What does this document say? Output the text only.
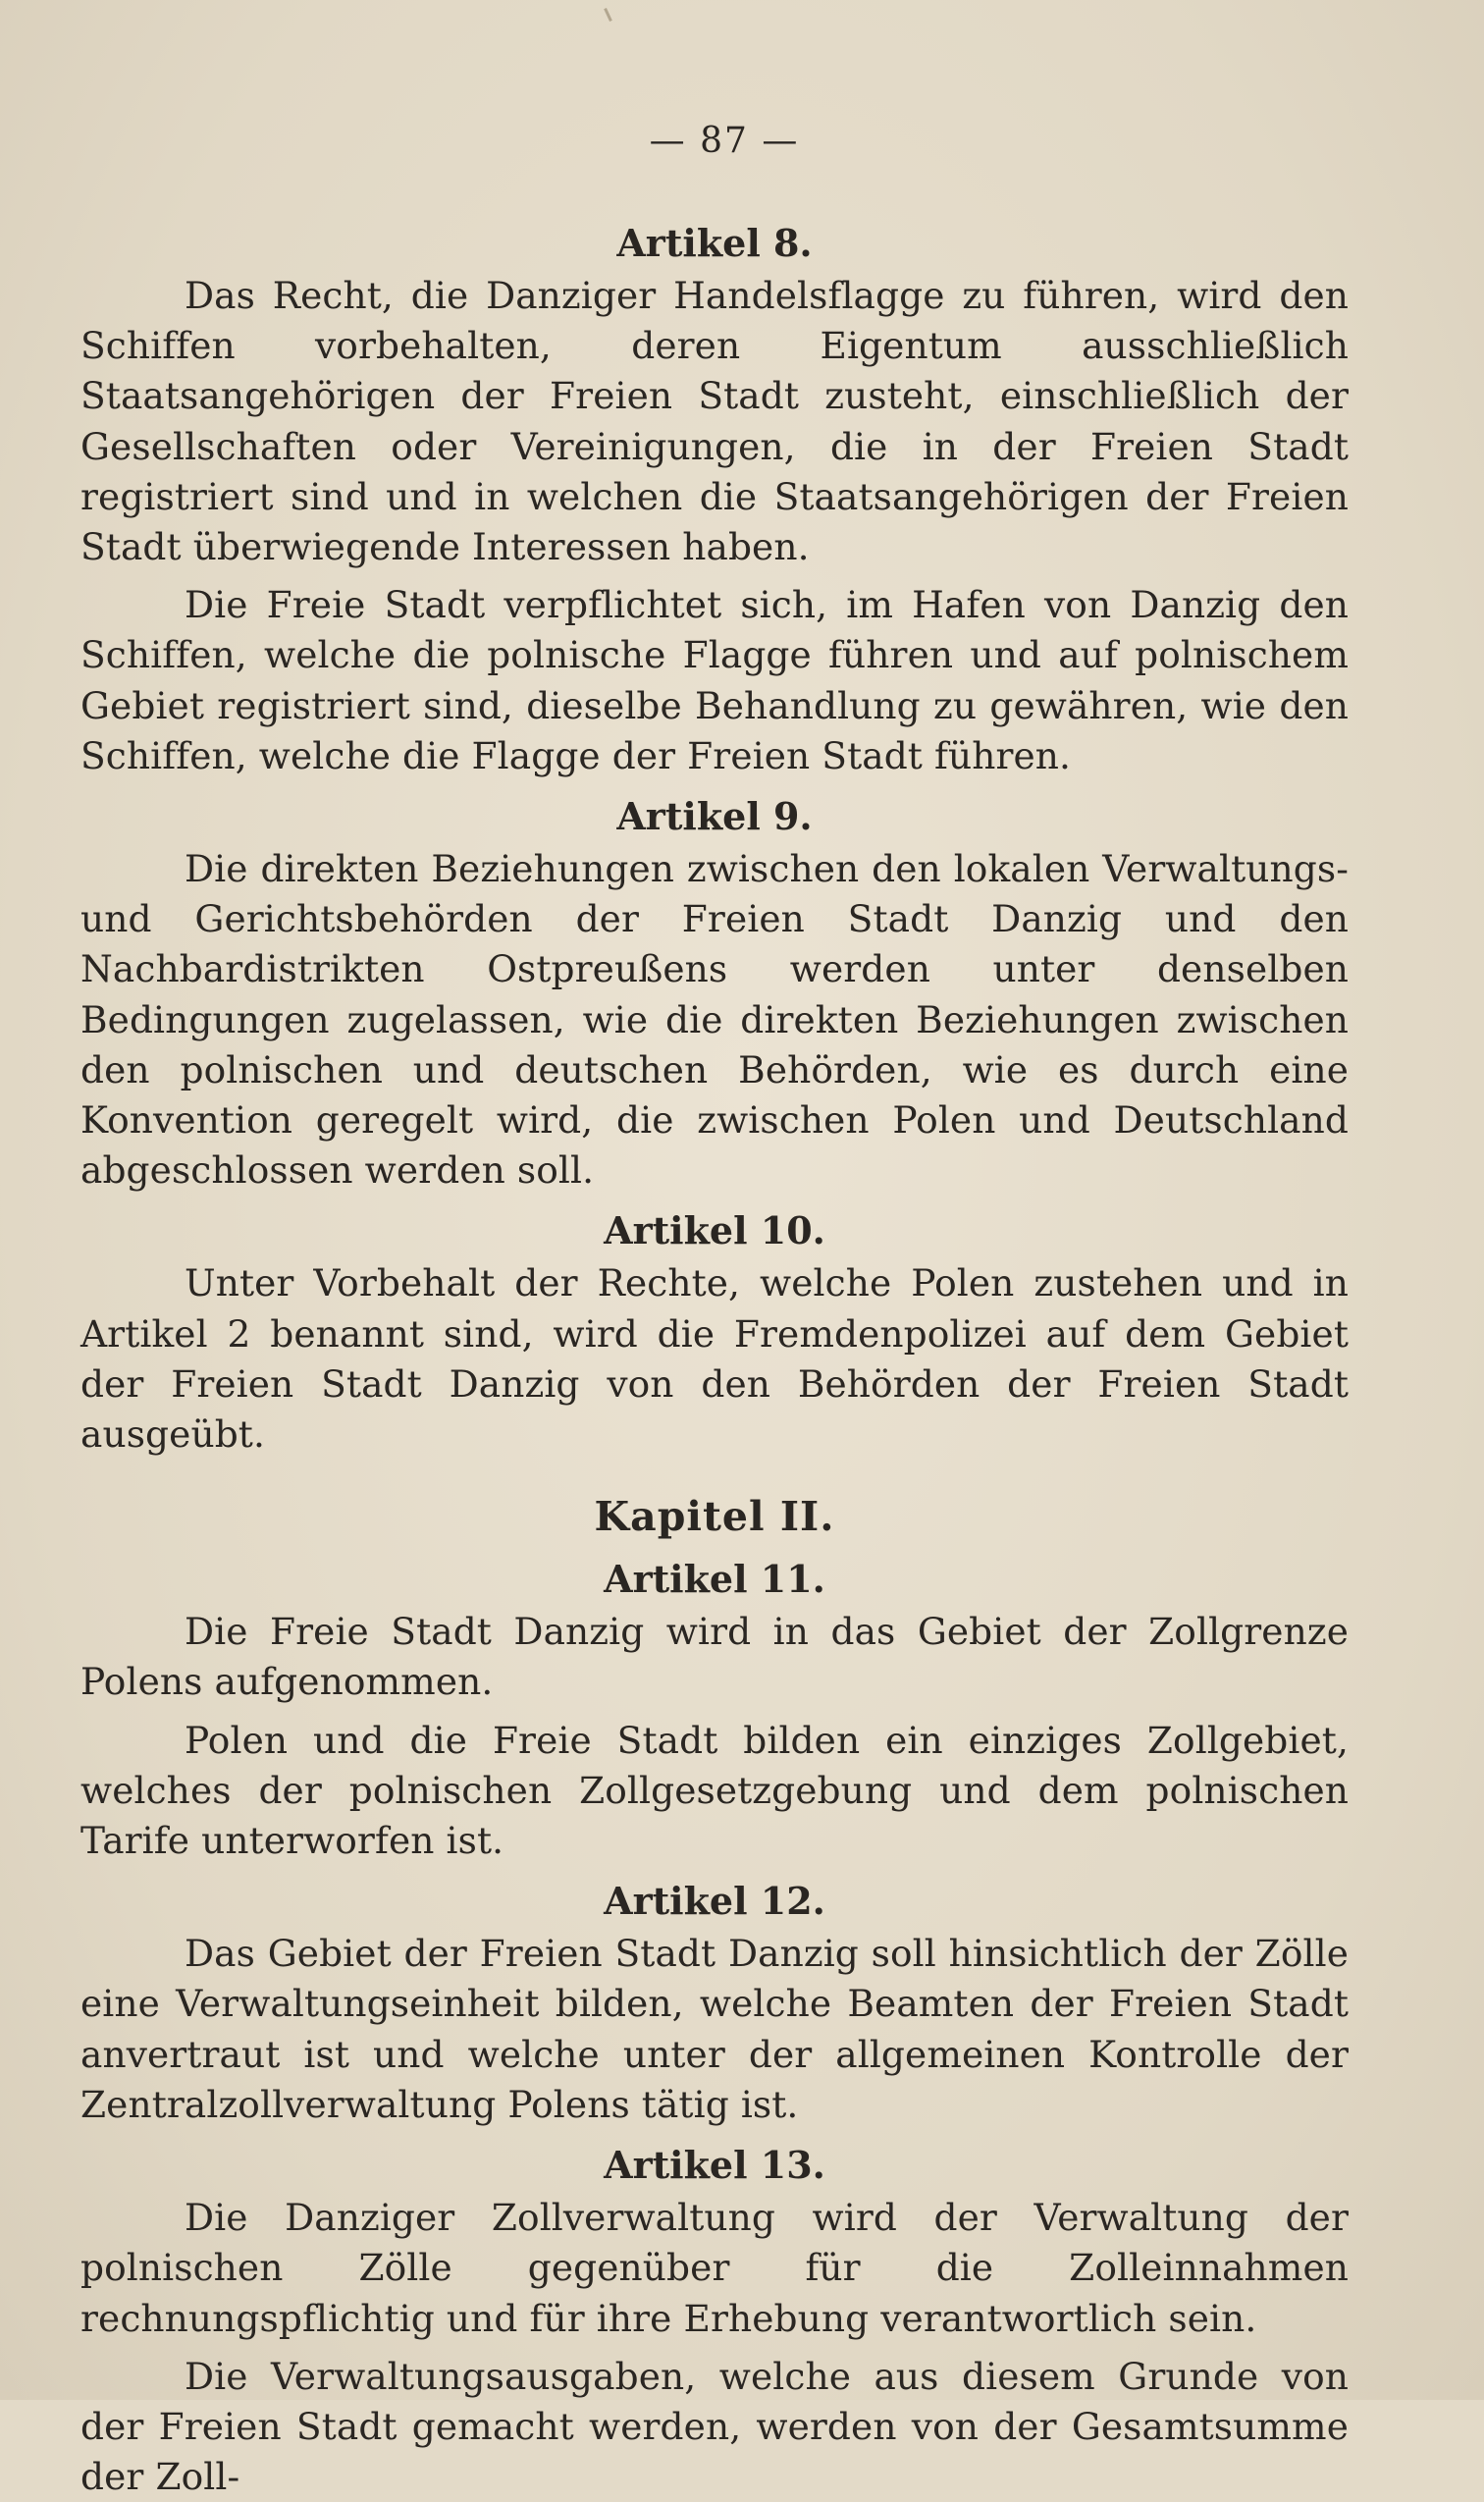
— 87 —
Artikel 8.

Das Recht, die Danziger Handelsflagge zu führen, wird den Schiffen vorbehalten, deren Eigentum ausschließlich Staatsangehörigen der Freien Stadt zusteht, einschließlich der Gesellschaften oder Vereinigungen, die in der Freien Stadt registriert sind und in welchen die Staatsangehörigen der Freien Stadt überwiegende Interessen haben.

Die Freie Stadt verpflichtet sich, im Hafen von Danzig den Schiffen, welche die polnische Flagge führen und auf polnischem Gebiet registriert sind, dieselbe Behandlung zu gewähren, wie den Schiffen, welche die Flagge der Freien Stadt führen.

Artikel 9.

Die direkten Beziehungen zwischen den lokalen Verwaltungs- und Gerichtsbehörden der Freien Stadt Danzig und den Nachbardistrikten Ostpreußens werden unter denselben Bedingungen zugelassen, wie die direkten Beziehungen zwischen den polnischen und deutschen Behörden, wie es durch eine Konvention geregelt wird, die zwischen Polen und Deutschland abgeschlossen werden soll.

Artikel 10.

Unter Vorbehalt der Rechte, welche Polen zustehen und in Artikel 2 benannt sind, wird die Fremdenpolizei auf dem Gebiet der Freien Stadt Danzig von den Behörden der Freien Stadt ausgeübt.

Kapitel II.
Artikel 11.

Die Freie Stadt Danzig wird in das Gebiet der Zollgrenze Polens aufgenommen.

Polen und die Freie Stadt bilden ein einziges Zollgebiet, welches der polnischen Zollgesetzgebung und dem polnischen Tarife unterworfen ist.

Artikel 12.

Das Gebiet der Freien Stadt Danzig soll hinsichtlich der Zölle eine Verwaltungseinheit bilden, welche Beamten der Freien Stadt anvertraut ist und welche unter der allgemeinen Kontrolle der Zentralzollverwaltung Polens tätig ist.

Artikel 13.

Die Danziger Zollverwaltung wird der Verwaltung der polnischen Zölle gegenüber für die Zolleinnahmen rechnungspflichtig und für ihre Erhebung verantwortlich sein.

Die Verwaltungsausgaben, welche aus diesem Grunde von der Freien Stadt gemacht werden, werden von der Gesamtsumme der Zoll-
